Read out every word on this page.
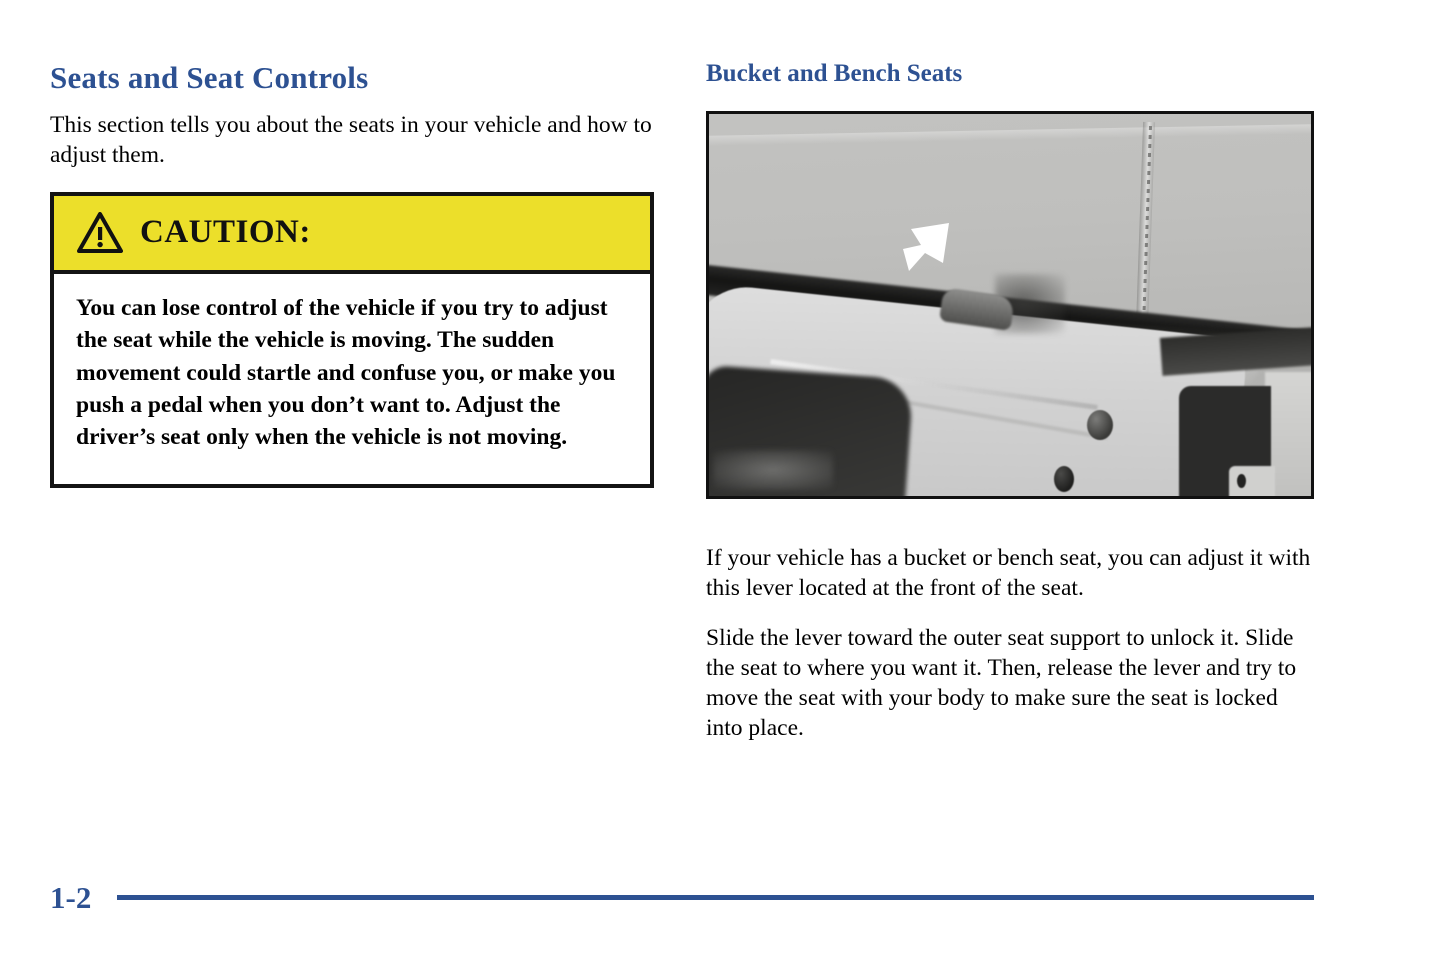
Seats and Seat Controls

This section tells you about the seats in your vehicle and how to adjust them.

CAUTION:

You can lose control of the vehicle if you try to adjust the seat while the vehicle is moving. The sudden movement could startle and confuse you, or make you push a pedal when you don’t want to. Adjust the driver’s seat only when the vehicle is not moving.

Bucket and Bench Seats

If your vehicle has a bucket or bench seat, you can adjust it with this lever located at the front of the seat.

Slide the lever toward the outer seat support to unlock it. Slide the seat to where you want it. Then, release the lever and try to move the seat with your body to make sure the seat is locked into place.

1-2
